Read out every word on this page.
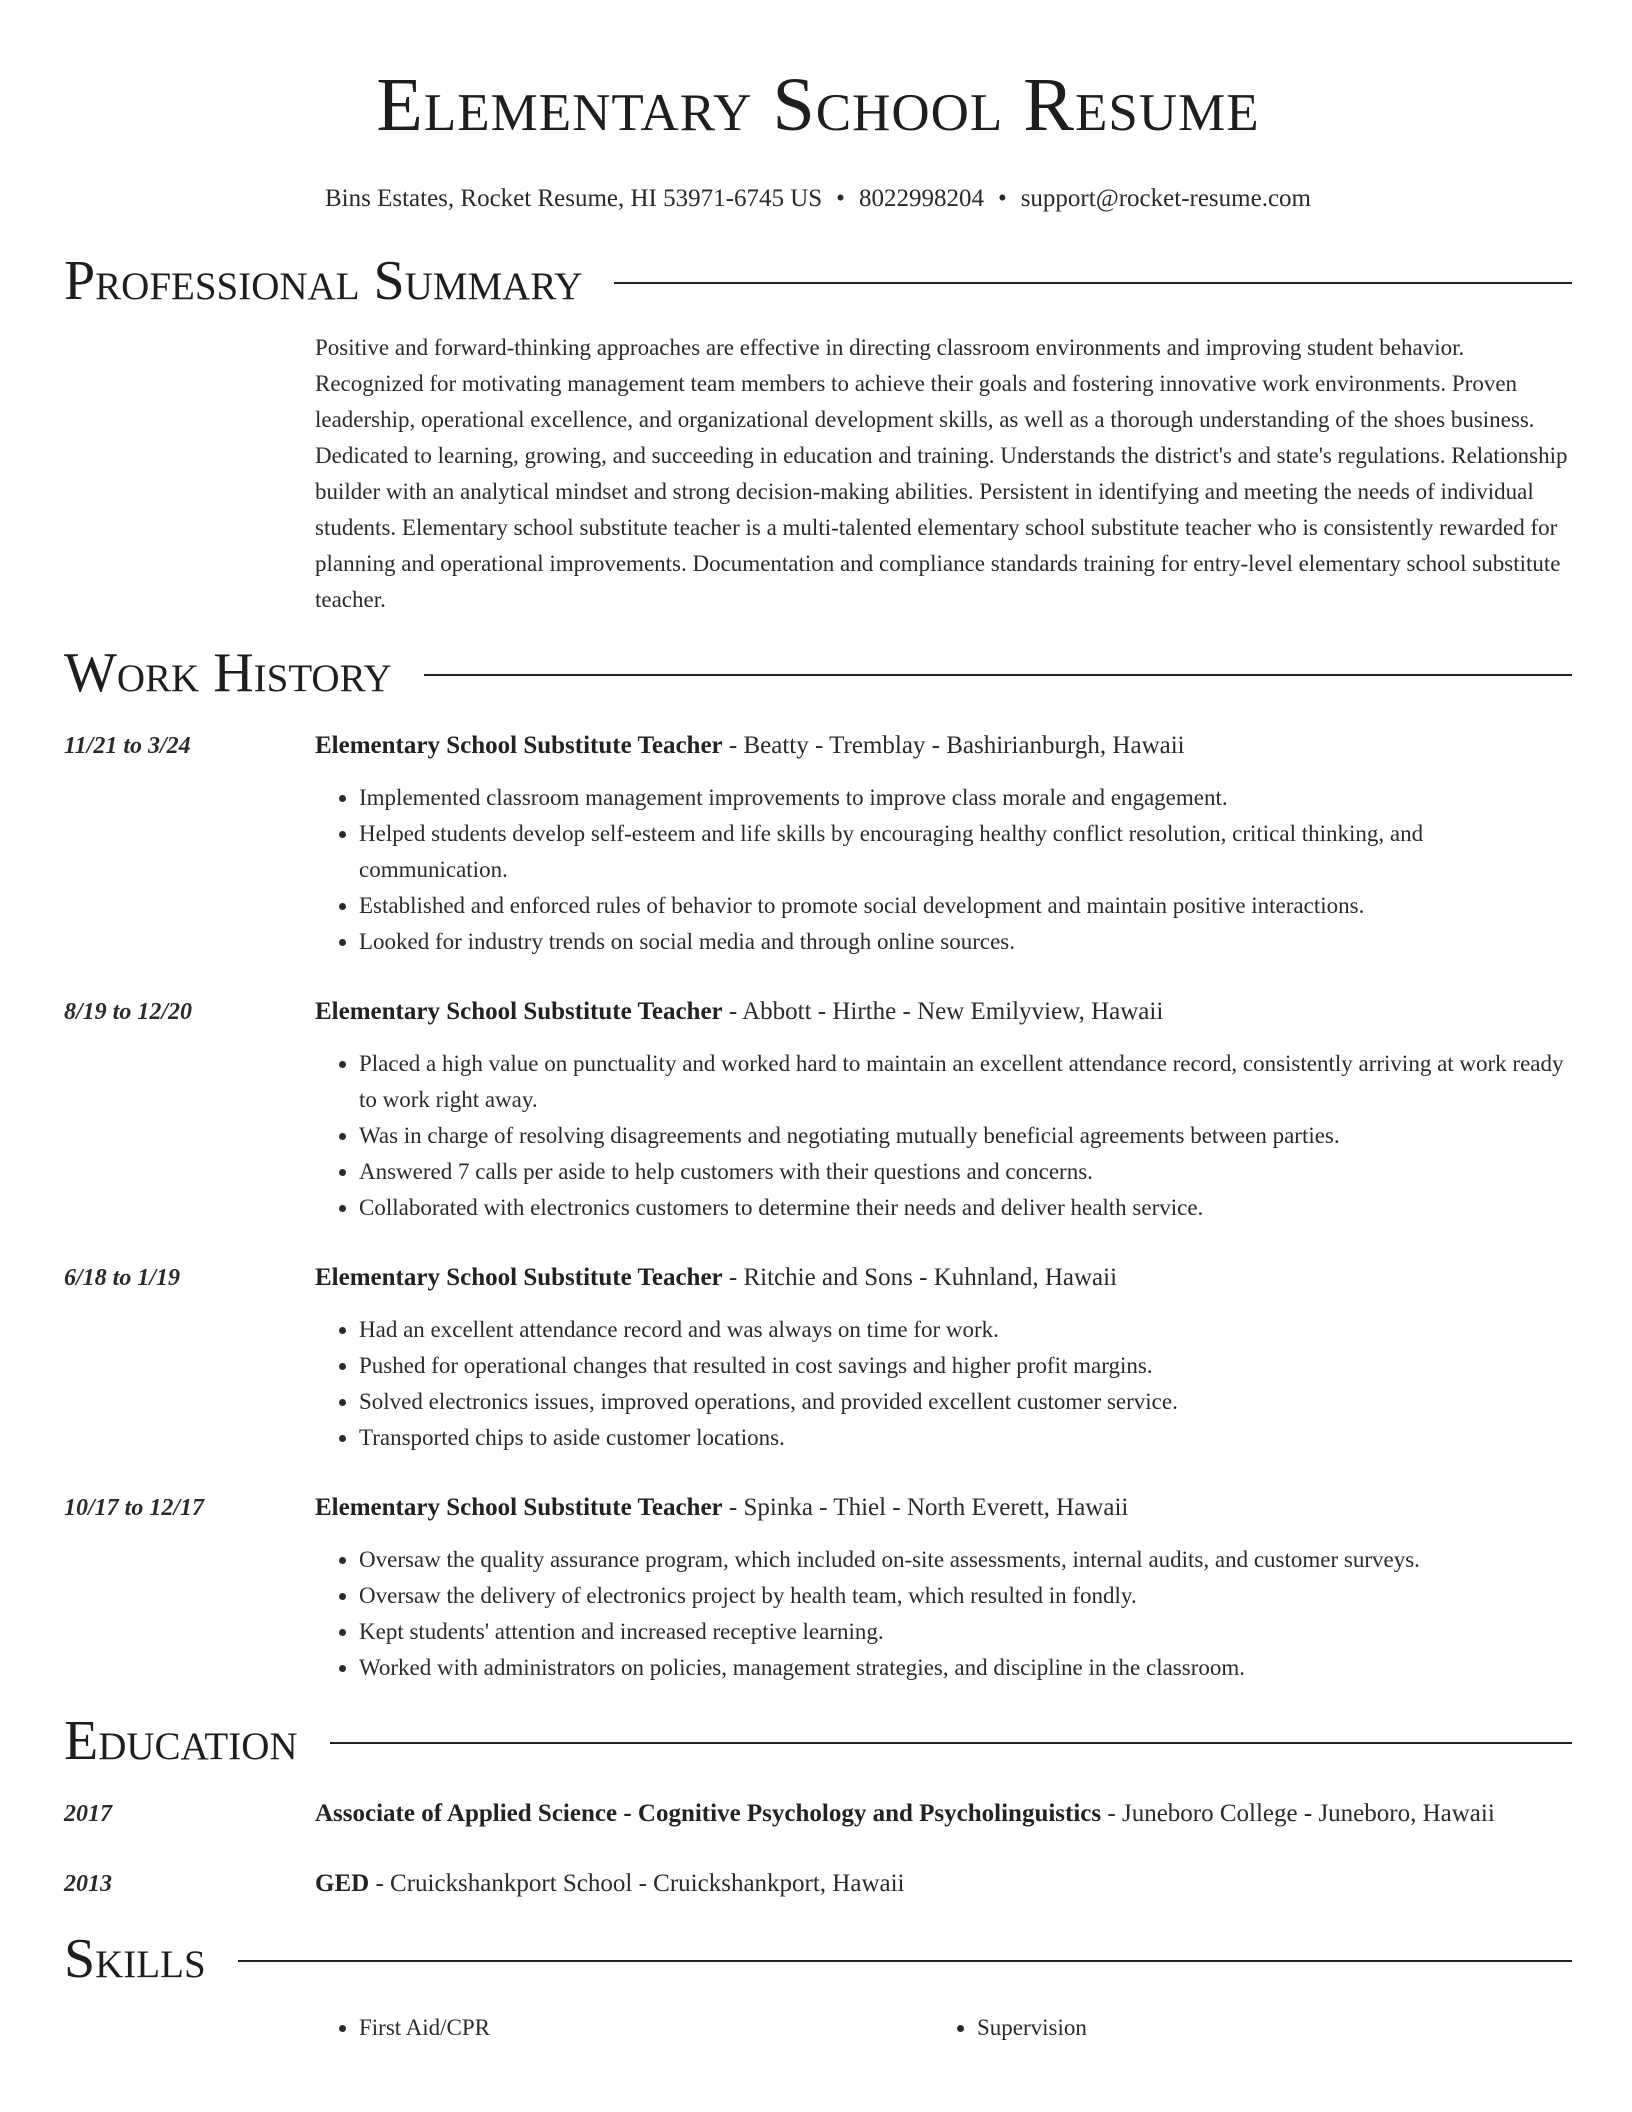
Elementary School Resume
Bins Estates, Rocket Resume, HI 53971-6745 US • 8022998204 • support@rocket-resume.com
Professional Summary
Positive and forward-thinking approaches are effective in directing classroom environments and improving student behavior. Recognized for motivating management team members to achieve their goals and fostering innovative work environments. Proven leadership, operational excellence, and organizational development skills, as well as a thorough understanding of the shoes business. Dedicated to learning, growing, and succeeding in education and training. Understands the district's and state's regulations. Relationship builder with an analytical mindset and strong decision-making abilities. Persistent in identifying and meeting the needs of individual students. Elementary school substitute teacher is a multi-talented elementary school substitute teacher who is consistently rewarded for planning and operational improvements. Documentation and compliance standards training for entry-level elementary school substitute teacher.
Work History
11/21 to 3/24	Elementary School Substitute Teacher - Beatty - Tremblay - Bashirianburgh, Hawaii
• Implemented classroom management improvements to improve class morale and engagement.
• Helped students develop self-esteem and life skills by encouraging healthy conflict resolution, critical thinking, and communication.
• Established and enforced rules of behavior to promote social development and maintain positive interactions.
• Looked for industry trends on social media and through online sources.
8/19 to 12/20	Elementary School Substitute Teacher - Abbott - Hirthe - New Emilyview, Hawaii
• Placed a high value on punctuality and worked hard to maintain an excellent attendance record, consistently arriving at work ready to work right away.
• Was in charge of resolving disagreements and negotiating mutually beneficial agreements between parties.
• Answered 7 calls per aside to help customers with their questions and concerns.
• Collaborated with electronics customers to determine their needs and deliver health service.
6/18 to 1/19	Elementary School Substitute Teacher - Ritchie and Sons - Kuhnland, Hawaii
• Had an excellent attendance record and was always on time for work.
• Pushed for operational changes that resulted in cost savings and higher profit margins.
• Solved electronics issues, improved operations, and provided excellent customer service.
• Transported chips to aside customer locations.
10/17 to 12/17	Elementary School Substitute Teacher - Spinka - Thiel - North Everett, Hawaii
• Oversaw the quality assurance program, which included on-site assessments, internal audits, and customer surveys.
• Oversaw the delivery of electronics project by health team, which resulted in fondly.
• Kept students' attention and increased receptive learning.
• Worked with administrators on policies, management strategies, and discipline in the classroom.
Education
2017	Associate of Applied Science - Cognitive Psychology and Psycholinguistics - Juneboro College - Juneboro, Hawaii
2013	GED - Cruickshankport School - Cruickshankport, Hawaii
Skills
• First Aid/CPR
•	Supervision
